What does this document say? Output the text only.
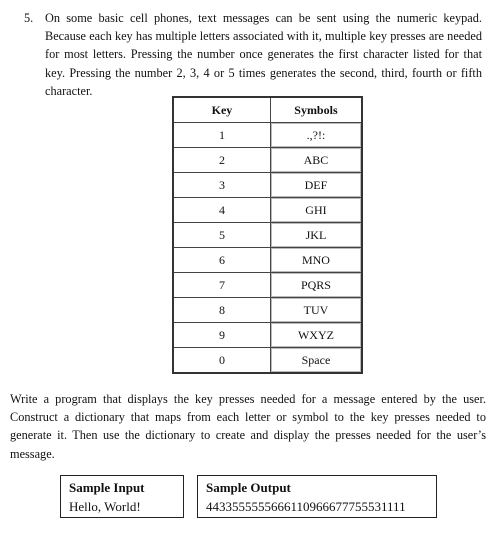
5. On some basic cell phones, text messages can be sent using the numeric keypad. Because each key has multiple letters associated with it, multiple key presses are needed for most letters. Pressing the number once generates the first character listed for that key. Pressing the number 2, 3, 4 or 5 times generates the second, third, fourth or fifth character.
Key	Symbols
1	.,?!:
2	ABC
3	DEF
4	GHI
5	JKL
6	MNO
7	PQRS
8	TUV
9	WXYZ
0	Space
Write a program that displays the key presses needed for a message entered by the user. Construct a dictionary that maps from each letter or symbol to the key presses needed to generate it. Then use the dictionary to create and display the presses needed for the user’s message.
Sample Input
Hello, World!
Sample Output
4433555555666110966677755531111
